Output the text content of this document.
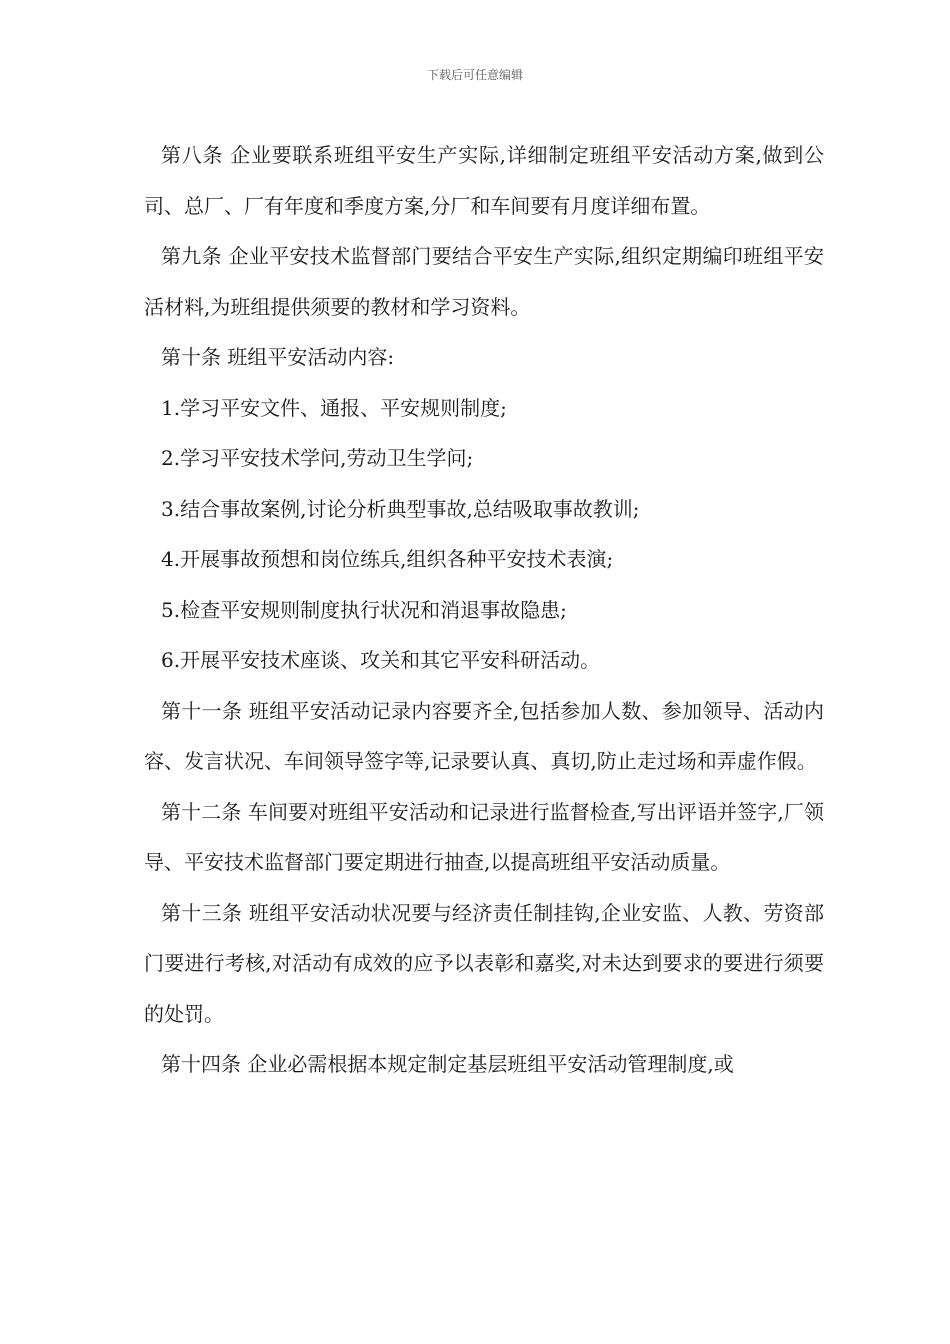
下载后可任意编辑

第八条 企业要联系班组平安生产实际,详细制定班组平安活动方案,做到公司、总厂、厂有年度和季度方案,分厂和车间要有月度详细布置。

第九条 企业平安技术监督部门要结合平安生产实际,组织定期编印班组平安活材料,为班组提供须要的教材和学习资料。

第十条 班组平安活动内容:

1.学习平安文件、通报、平安规则制度;

2.学习平安技术学问,劳动卫生学问;

3.结合事故案例,讨论分析典型事故,总结吸取事故教训;

4.开展事故预想和岗位练兵,组织各种平安技术表演;

5.检查平安规则制度执行状况和消退事故隐患;

6.开展平安技术座谈、攻关和其它平安科研活动。

第十一条 班组平安活动记录内容要齐全,包括参加人数、参加领导、活动内容、发言状况、车间领导签字等,记录要认真、真切,防止走过场和弄虚作假。

第十二条 车间要对班组平安活动和记录进行监督检查,写出评语并签字,厂领导、平安技术监督部门要定期进行抽查,以提高班组平安活动质量。

第十三条 班组平安活动状况要与经济责任制挂钩,企业安监、人教、劳资部门要进行考核,对活动有成效的应予以表彰和嘉奖,对未达到要求的要进行须要的处罚。

第十四条 企业必需根据本规定制定基层班组平安活动管理制度,或
